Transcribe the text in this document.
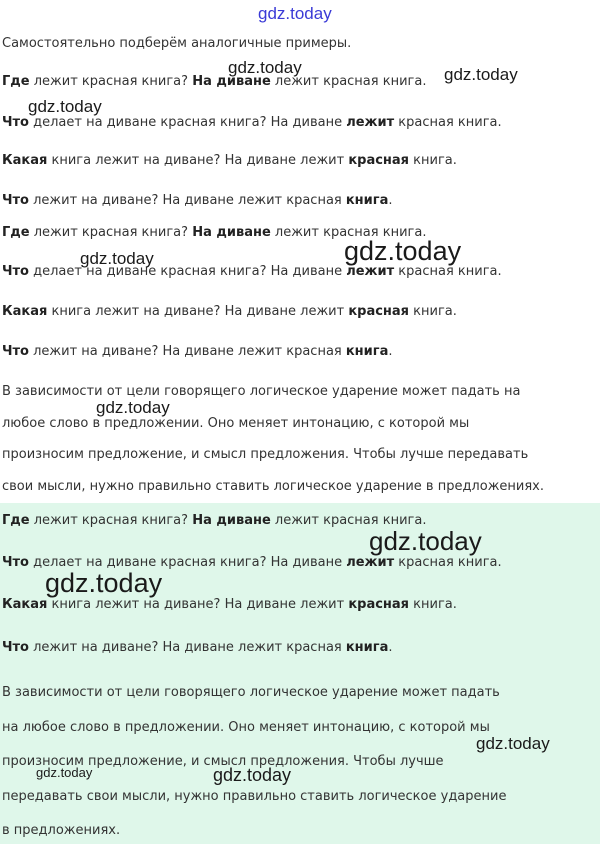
gdz.today

Самостоятельно подберём аналогичные примеры.

Где лежит красная книга? На диване лежит красная книга.

Что делает на диване красная книга? На диване лежит красная книга.

Какая книга лежит на диване? На диване лежит красная книга.

Что лежит на диване? На диване лежит красная книга.

Где лежит красная книга? На диване лежит красная книга.

Что делает на диване красная книга? На диване лежит красная книга.

Какая книга лежит на диване? На диване лежит красная книга.

Что лежит на диване? На диване лежит красная книга.

В зависимости от цели говорящего логическое ударение может падать на
любое слово в предложении. Оно меняет интонацию, с которой мы
произносим предложение, и смысл предложения. Чтобы лучше передавать
свои мысли, нужно правильно ставить логическое ударение в предложениях.

Где лежит красная книга? На диване лежит красная книга.

Что делает на диване красная книга? На диване лежит красная книга.

Какая книга лежит на диване? На диване лежит красная книга.

Что лежит на диване? На диване лежит красная книга.

В зависимости от цели говорящего логическое ударение может падать
на любое слово в предложении. Оно меняет интонацию, с которой мы
произносим предложение, и смысл предложения. Чтобы лучше
передавать свои мысли, нужно правильно ставить логическое ударение
в предложениях.

gdz.today	gdz.today
gdz.today
gdz.today
gdz.today
gdz.today
gdz.today
gdz.today
gdz.today
gdz.today	gdz.today
